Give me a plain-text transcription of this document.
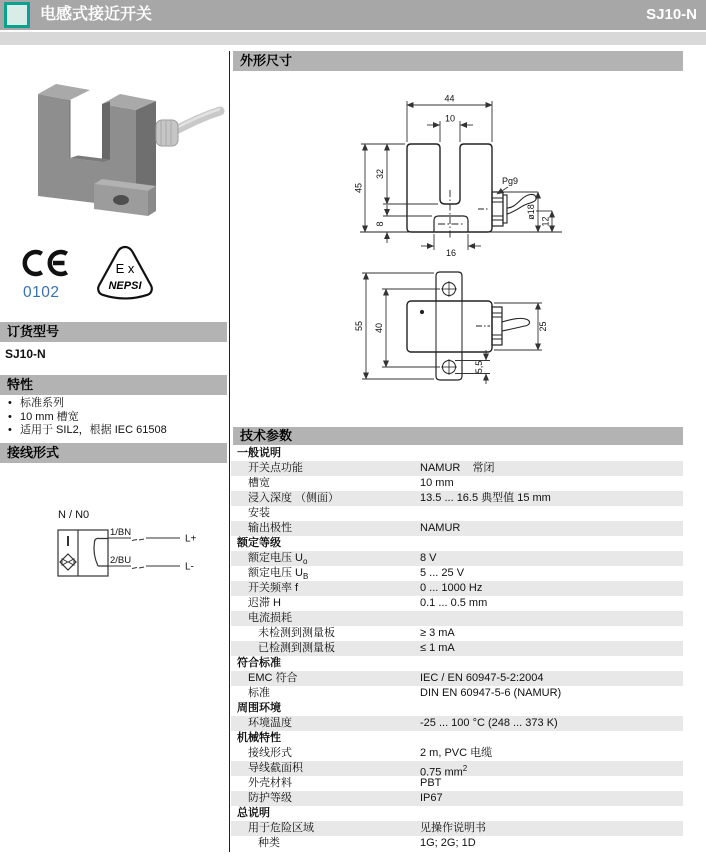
电感式接近开关	SJ10-N
0102
E x
NEPSI
订货型号
SJ10-N
特性
• 标准系列
• 10 mm 槽宽
• 适用于 SIL2，根据 IEC 61508
接线形式
N / N0
1/BN
2/BU
L+
L-
外形尺寸
44
10
45
32
8
16
Pg9
ø18
12
55 40	25
5,5
技术参数
一般说明
开关点功能	NAMUR    常闭
槽宽	10 mm
浸入深度 （侧面）	13.5 ... 16.5 典型值 15 mm
安装
输出极性	NAMUR
额定等级
额定电压 $U_o$	8 V
额定电压 $U_B$	5 ... 25 V
开关频率 f	0 ... 1000 Hz
迟滞 H	0.1 ... 0.5 mm
电流损耗
未检测到测量板	≥ 3 mA
已检测到测量板	≤ 1 mA
符合标准
EMC 符合	IEC / EN 60947-5-2:2004
标准	DIN EN 60947-5-6 (NAMUR)
周围环境
环境温度	-25 ... 100 °C (248 ... 373 K)
机械特性
接线形式	2 m, PVC 电缆
导线截面积	0.75 $mm^2$
外壳材料	PBT
防护等级	IP67
总说明
用于危险区域	见操作说明书
种类	1G; 2G; 1D
